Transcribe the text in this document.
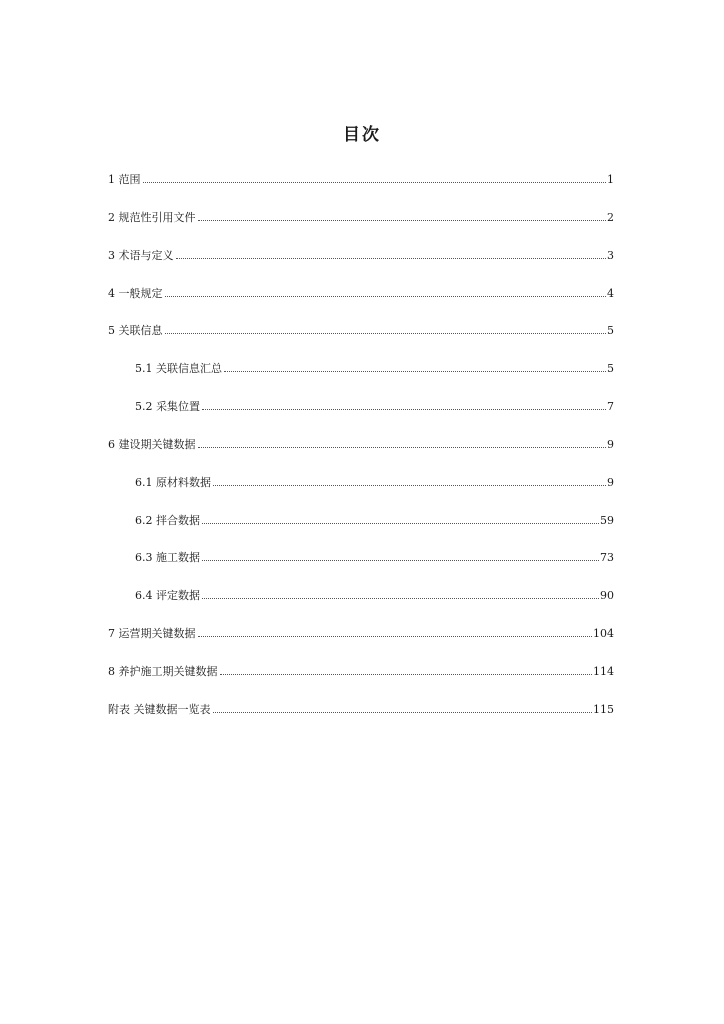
目次
1 范围	1
2 规范性引用文件	2
3 术语与定义	3
4 一般规定	4
5 关联信息	5
5.1 关联信息汇总	5
5.2 采集位置	7
6 建设期关键数据	9
6.1 原材料数据	9
6.2 拌合数据	59
6.3 施工数据	73
6.4 评定数据	90
7 运营期关键数据	104
8 养护施工期关键数据	114
附表 关键数据一览表	115
